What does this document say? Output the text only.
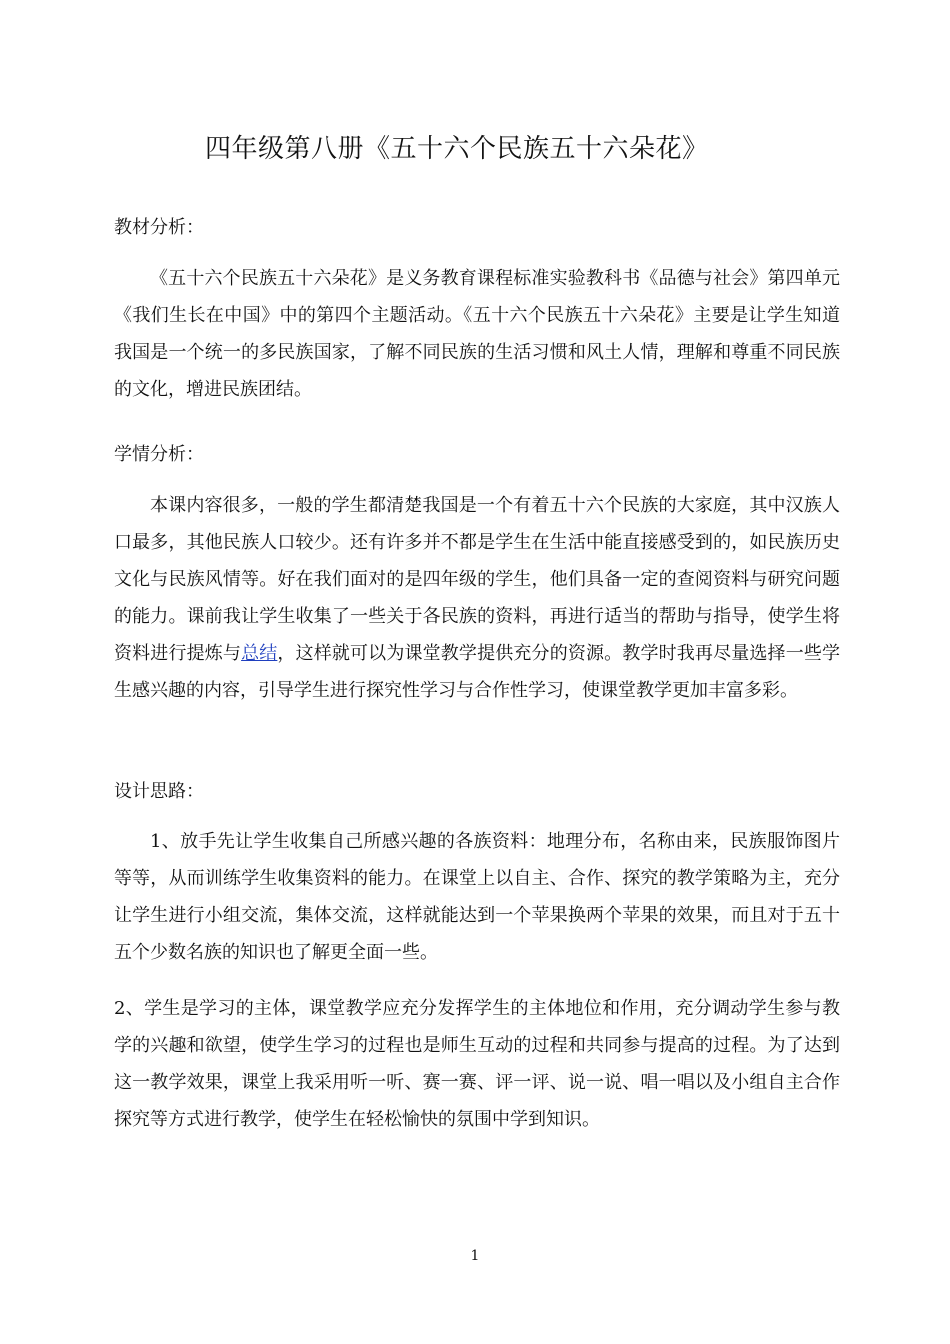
四年级第八册《五十六个民族五十六朵花》
教材分析：
《五十六个民族五十六朵花》是义务教育课程标准实验教科书《品德与社会》第四单元《我们生长在中国》中的第四个主题活动。《五十六个民族五十六朵花》主要是让学生知道我国是一个统一的多民族国家，了解不同民族的生活习惯和风土人情，理解和尊重不同民族的文化，增进民族团结。
学情分析：
本课内容很多，一般的学生都清楚我国是一个有着五十六个民族的大家庭，其中汉族人口最多，其他民族人口较少。还有许多并不都是学生在生活中能直接感受到的，如民族历史文化与民族风情等。好在我们面对的是四年级的学生，他们具备一定的查阅资料与研究问题的能力。课前我让学生收集了一些关于各民族的资料，再进行适当的帮助与指导，使学生将资料进行提炼与总结，这样就可以为课堂教学提供充分的资源。教学时我再尽量选择一些学生感兴趣的内容，引导学生进行探究性学习与合作性学习，使课堂教学更加丰富多彩。
设计思路：
1、放手先让学生收集自己所感兴趣的各族资料：地理分布，名称由来，民族服饰图片等等，从而训练学生收集资料的能力。在课堂上以自主、合作、探究的教学策略为主，充分让学生进行小组交流，集体交流，这样就能达到一个苹果换两个苹果的效果，而且对于五十五个少数名族的知识也了解更全面一些。
2、学生是学习的主体，课堂教学应充分发挥学生的主体地位和作用，充分调动学生参与教学的兴趣和欲望，使学生学习的过程也是师生互动的过程和共同参与提高的过程。为了达到这一教学效果，课堂上我采用听一听、赛一赛、评一评、说一说、唱一唱以及小组自主合作探究等方式进行教学，使学生在轻松愉快的氛围中学到知识。
1
